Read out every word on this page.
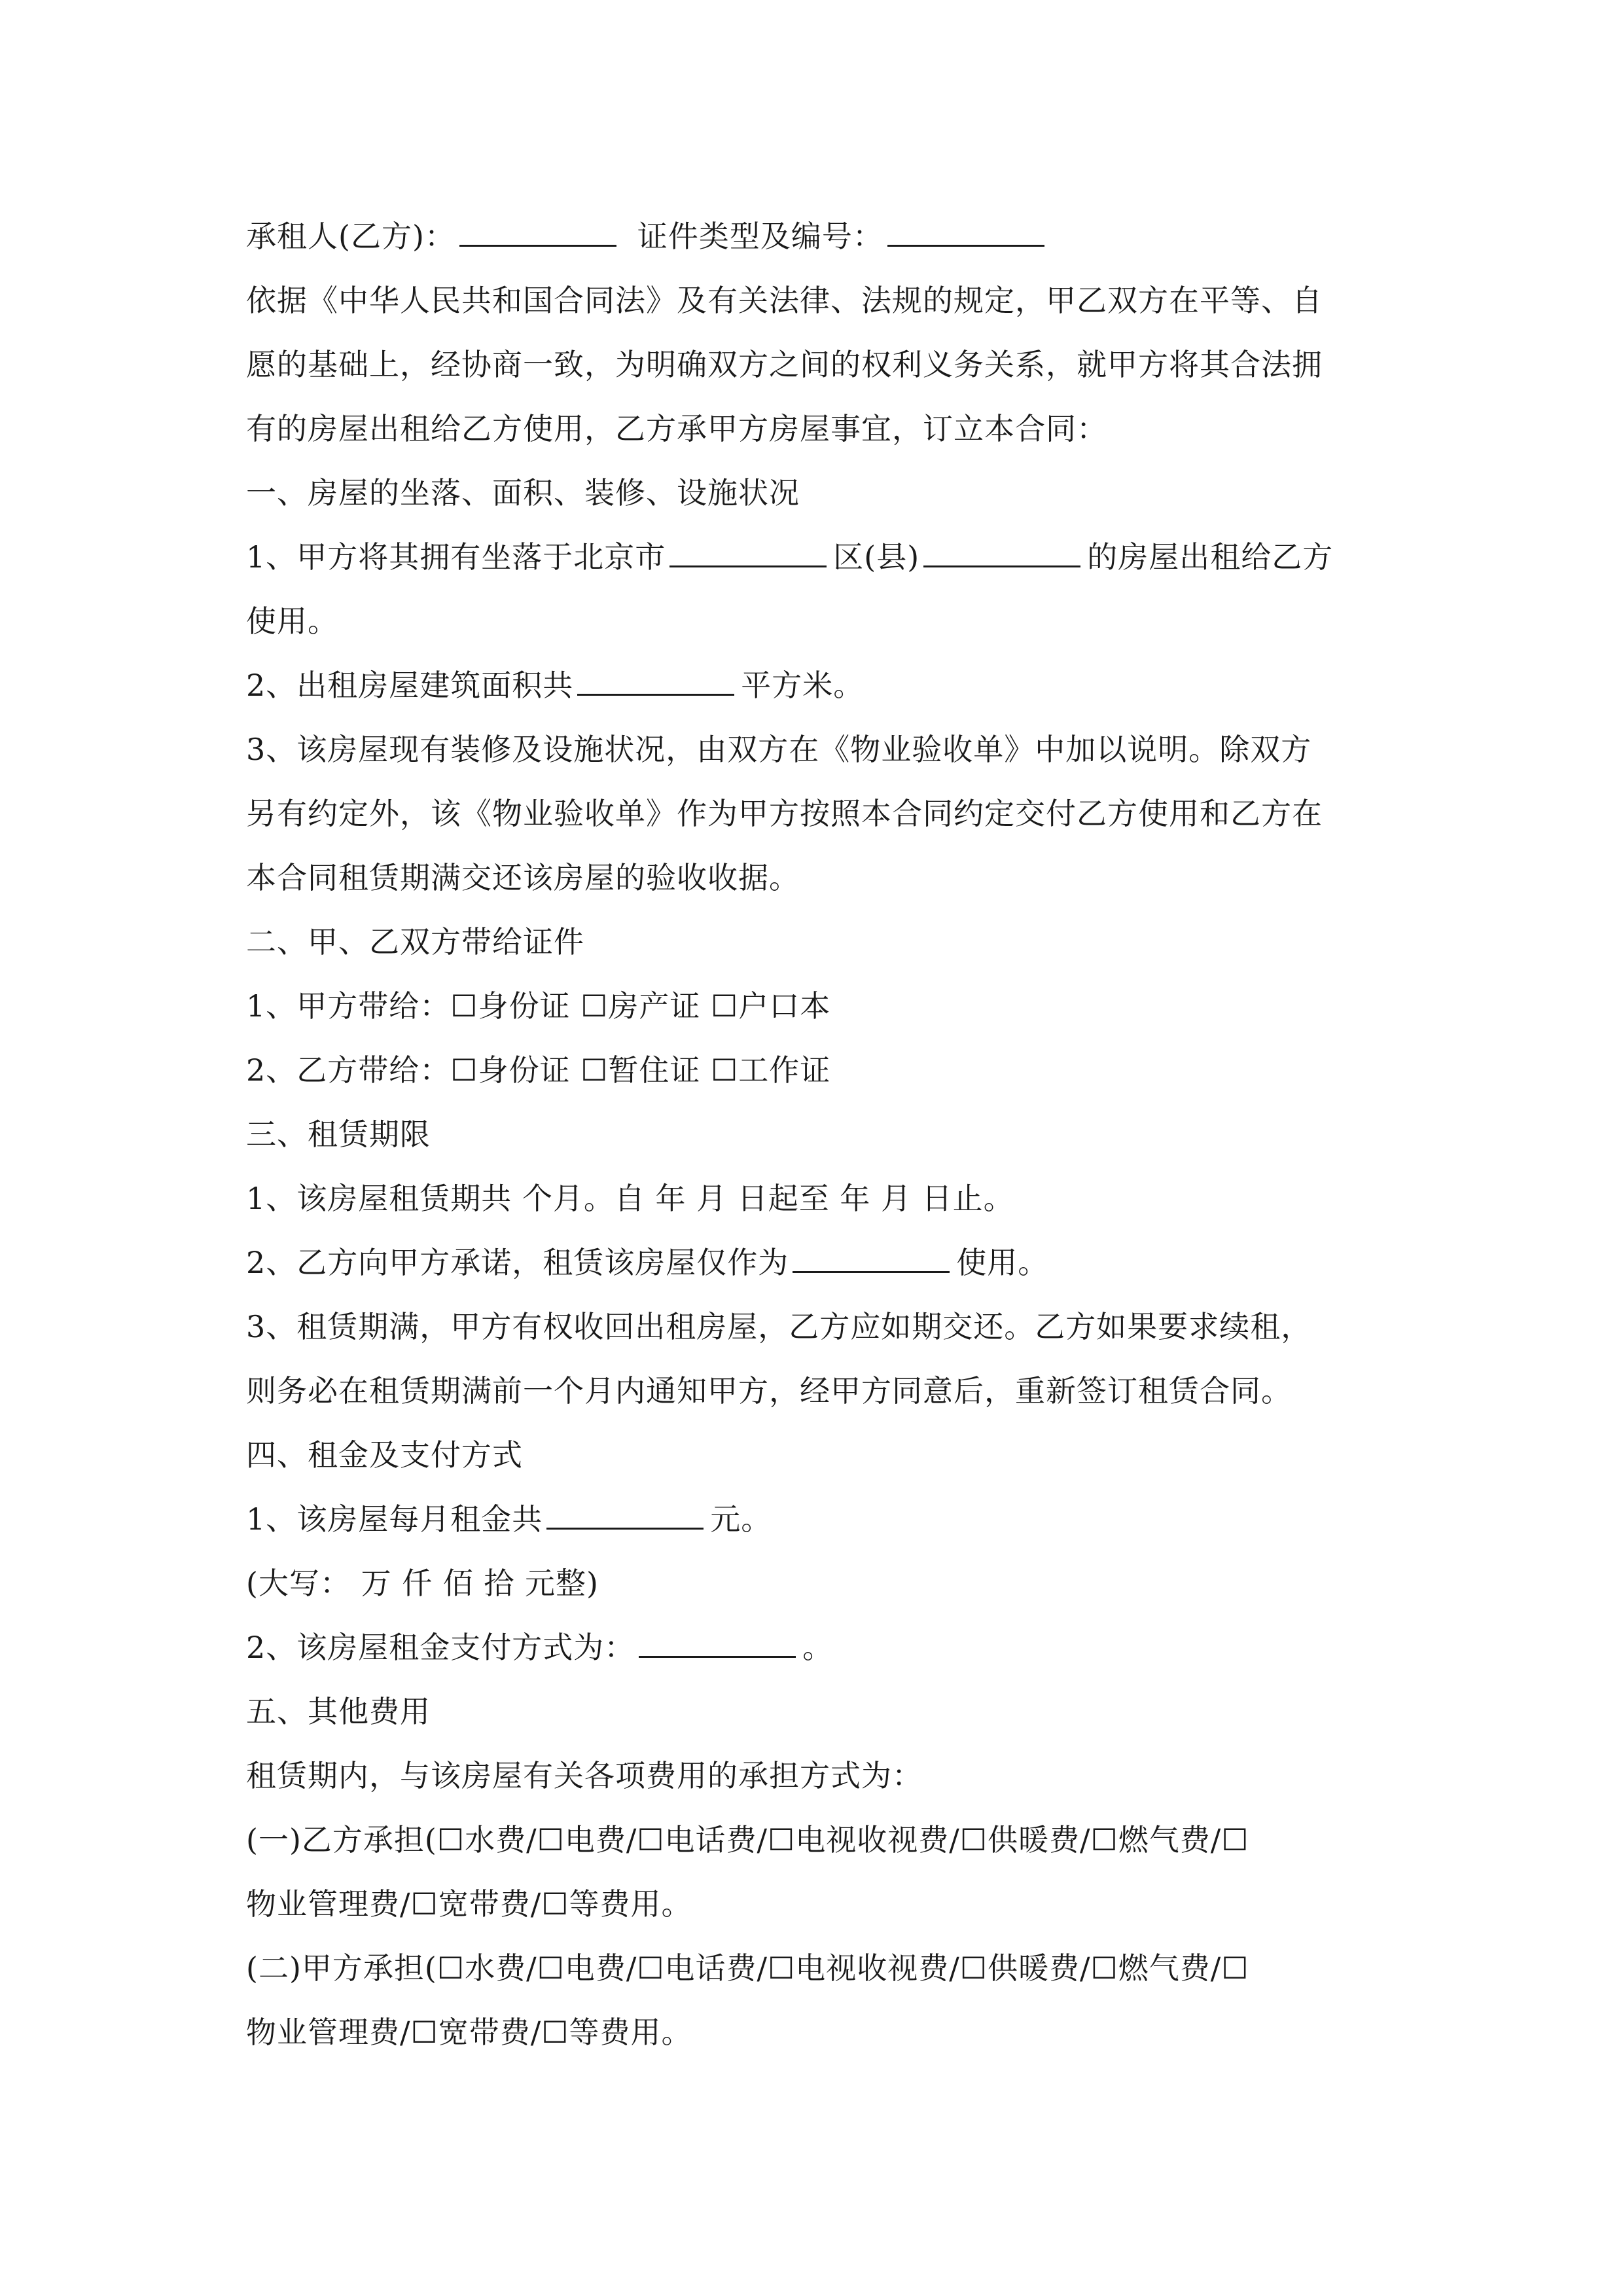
承租人(乙方)：	证件类型及编号：
依据《中华人民共和国合同法》及有关法律、法规的规定，甲乙双方在平等、自
愿的基础上，经协商一致，为明确双方之间的权利义务关系，就甲方将其合法拥
有的房屋出租给乙方使用，乙方承甲方房屋事宜，订立本合同：
一、房屋的坐落、面积、装修、设施状况
1、甲方将其拥有坐落于北京市	区(县)	的房屋出租给乙方
使用。
2、出租房屋建筑面积共	平方米。
3、该房屋现有装修及设施状况，由双方在《物业验收单》中加以说明。除双方
另有约定外，该《物业验收单》作为甲方按照本合同约定交付乙方使用和乙方在
本合同租赁期满交还该房屋的验收收据。
二、甲、乙双方带给证件
1、甲方带给：☐身份证 ☐房产证 ☐户口本
2、乙方带给：☐身份证 ☐暂住证 ☐工作证
三、租赁期限
1、该房屋租赁期共 个月。自 年 月 日起至 年 月 日止。
2、乙方向甲方承诺，租赁该房屋仅作为	使用。
3、租赁期满，甲方有权收回出租房屋，乙方应如期交还。乙方如果要求续租，
则务必在租赁期满前一个月内通知甲方，经甲方同意后，重新签订租赁合同。
四、租金及支付方式
1、该房屋每月租金共	元。
(大写： 万 仟 佰 拾 元整)
2、该房屋租金支付方式为：	。
五、其他费用
租赁期内，与该房屋有关各项费用的承担方式为：
(一)乙方承担(☐水费/☐电费/☐电话费/☐电视收视费/☐供暖费/☐燃气费/☐
物业管理费/☐宽带费/☐等费用。
(二)甲方承担(☐水费/☐电费/☐电话费/☐电视收视费/☐供暖费/☐燃气费/☐
物业管理费/☐宽带费/☐等费用。
